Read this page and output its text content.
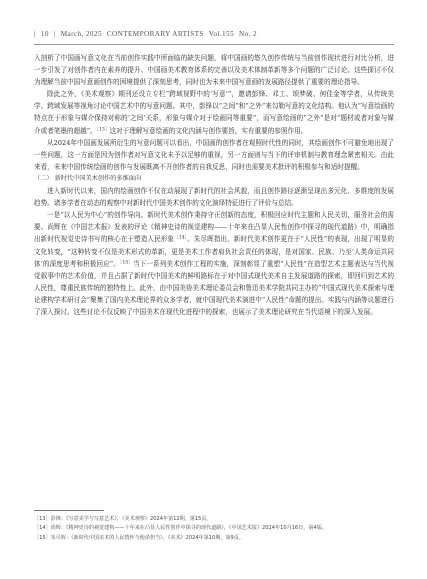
| 10 | March, 2025 CONTEMPORARY ARTISTS Vol.155 No. 2

入剖析了中国画写意文化在当前创作实践中所面临的缺失问题，将中国画的悠久创作传统与当前创作现状进行对比分析，进一步引发了对创作者内在素养的提升、中国画美术教育体系的完善以及美术体制革新等多个问题的广泛讨论。这些探讨不仅为理解当前中国写意画创作的困境提供了深刻思考，同时也为未来中国写意画的发展路径提供了重要的理论指导。

除此之外，《美术观察》期刊还设立专栏“跨域视野中的‘写意’”，邀请彭锋、邓工、颂梦破、何佳金等学者，从传统美学、跨域发展等视角讨论中国艺术中的写意问题。其中，彭锋以“之间”和“之外”来勾勒写意的文化结构。他认为“写意绘画的特点在于形象与媒介保持对称的‘之间’关系，形象与媒介对于绘画同等重要”，而写意绘画的“之外”是对“题材或者对象与媒介或者笔墨的超越”。$^{[13]}$这对于理解写意绘画的文化内涵与创作要旨，实有重要的参照作用。

从2024年中国画发展所衍生的写意问题可以看出，中国画的创作者在观照时代性的同时，其绘画创作不可避免地出现了一些问题，这一方面是因为创作者对写意文化未予以足够的重视，另一方面则与当下的评审机制与教育理念紧密相关。由此来看，未来中国传统绘画的创作与发展既离不开创作者的自我反思，同时也需要美术批评的积极参与和适时提醒。

（二） 新时代中国美术创作的多维面向

进入新时代以来，国内的绘画创作不仅在动展现了新时代的社会风貌，而且创作路径逐渐呈现出多元化、多维度的发展趋势。诸多学者在动态的观察中对新时代中国美术创作的文化演绎特征进行了评价与总结。

一是“以人民为中心”的创作导向。新时代美术创作秉持守正创新的态度，积极回应时代主题和人民关切，服务社会的需要。尚辉在《中国艺术报》发表的评论《精神史诗的视觉建构——十年来在凸显人民性创作中探寻的现代道路》中，明确指出新时代视觉史诗书写的核心在于塑造人民形象$^{[14]}$。朱尽晖指出，新时代美术创作更在于“人民性”的表现，出现了明显的文化转变，“这种转变不仅是美术形式的革新，更是美术工作者肩负社会责任的体现，是对国家、民族、乃至‘人类命运共同体’的深度思考和积极回应”。$^{[15]}$当下一系列美术创作工程的实施，深刻彰显了重塑“人民性”在造型艺术主题表达与当代视觉叙事中的艺术价值，并且占据了新时代中国美术的鲜明路标在于对中国式现代美术自主发展道路的探索，即回归到艺术的人民性，尊重民族传统的独特性上。此外，由中国美协美术理论委员会和鲁迅美术学院共同主办的“中国式现代美术探索与理论建构学术研讨会”聚集了国内美术理论界的众多学者，就中国现代美术演进中“人民性”命题的提出、实践与内涵等议题进行了深入探讨。这些讨论不仅反映了中国美术在现代化进程中的探索，也展示了美术理论研究在当代语境下的深入发展。

［13］彭锋：《写意美学与写意艺术》，《美术观察》2024年第12期，第15页。
［14］尚辉：《精神史诗的视觉建构——十年来在凸显人民性创作中探寻的现代道路》，《中国艺术报》2024年10月16日，第4版。
［15］朱尽晖：《新时代中国美术的人民情怀与使命担当》，《美术》2024年第10期，第9页。
